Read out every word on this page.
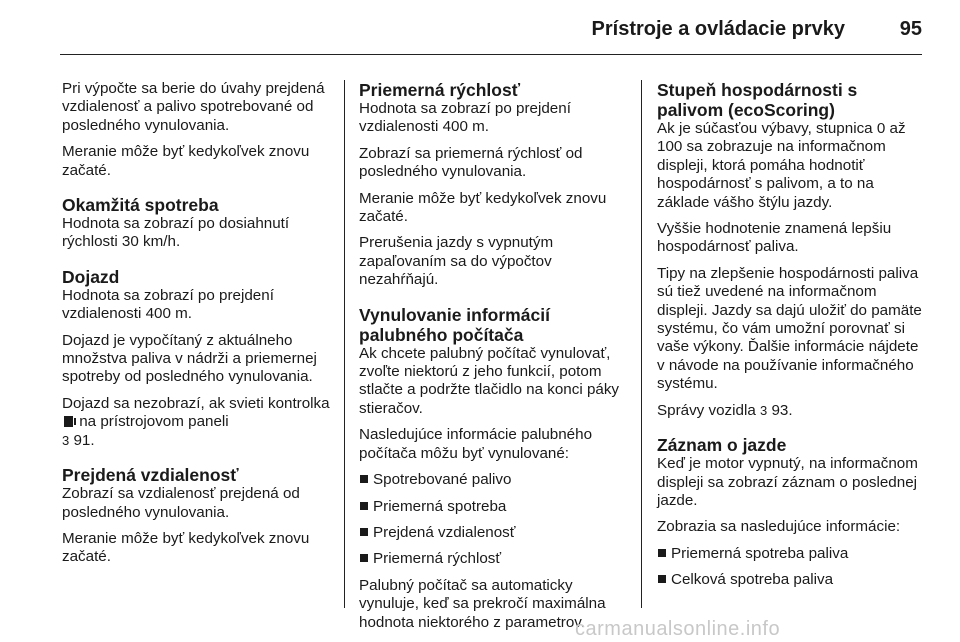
Prístroje a ovládacie prvky	95

Pri výpočte sa berie do úvahy prejdená vzdialenosť a palivo spotrebované od posledného vynulovania.

Meranie môže byť kedykoľvek znovu začaté.

Okamžitá spotreba

Hodnota sa zobrazí po dosiahnutí rýchlosti 30 km/h.

Dojazd

Hodnota sa zobrazí po prejdení vzdialenosti 400 m.

Dojazd je vypočítaný z aktuálneho množstva paliva v nádrži a priemernej spotreby od posledného vynulovania.

Dojazd sa nezobrazí, ak svieti kontrolka  na prístrojovom paneli
3 91.

Prejdená vzdialenosť

Zobrazí sa vzdialenosť prejdená od posledného vynulovania.

Meranie môže byť kedykoľvek znovu začaté.

Priemerná rýchlosť

Hodnota sa zobrazí po prejdení vzdialenosti 400 m.

Zobrazí sa priemerná rýchlosť od posledného vynulovania.

Meranie môže byť kedykoľvek znovu začaté.

Prerušenia jazdy s vypnutým zapaľovaním sa do výpočtov nezahŕňajú.

Vynulovanie informácií palubného počítača

Ak chcete palubný počítač vynulovať, zvoľte niektorú z jeho funkcií, potom stlačte a podržte tlačidlo na konci páky stieračov.

Nasledujúce informácie palubného počítača môžu byť vynulované:

Spotrebované palivo
Priemerná spotreba
Prejdená vzdialenosť
Priemerná rýchlosť

Palubný počítač sa automaticky vynuluje, keď sa prekročí maximálna hodnota niektorého z parametrov.

Stupeň hospodárnosti s palivom (ecoScoring)

Ak je súčasťou výbavy, stupnica 0 až 100 sa zobrazuje na informačnom displeji, ktorá pomáha hodnotiť hospodárnosť s palivom, a to na základe vášho štýlu jazdy.

Vyššie hodnotenie znamená lepšiu hospodárnosť paliva.

Tipy na zlepšenie hospodárnosti paliva sú tiež uvedené na informačnom displeji. Jazdy sa dajú uložiť do pamäte systému, čo vám umožní porovnať si vaše výkony. Ďalšie informácie nájdete v návode na používanie informačného systému.

Správy vozidla 3 93.

Záznam o jazde

Keď je motor vypnutý, na informačnom displeji sa zobrazí záznam o poslednej jazde.

Zobrazia sa nasledujúce informácie:

Priemerná spotreba paliva
Celková spotreba paliva
carmanualsonline.info
